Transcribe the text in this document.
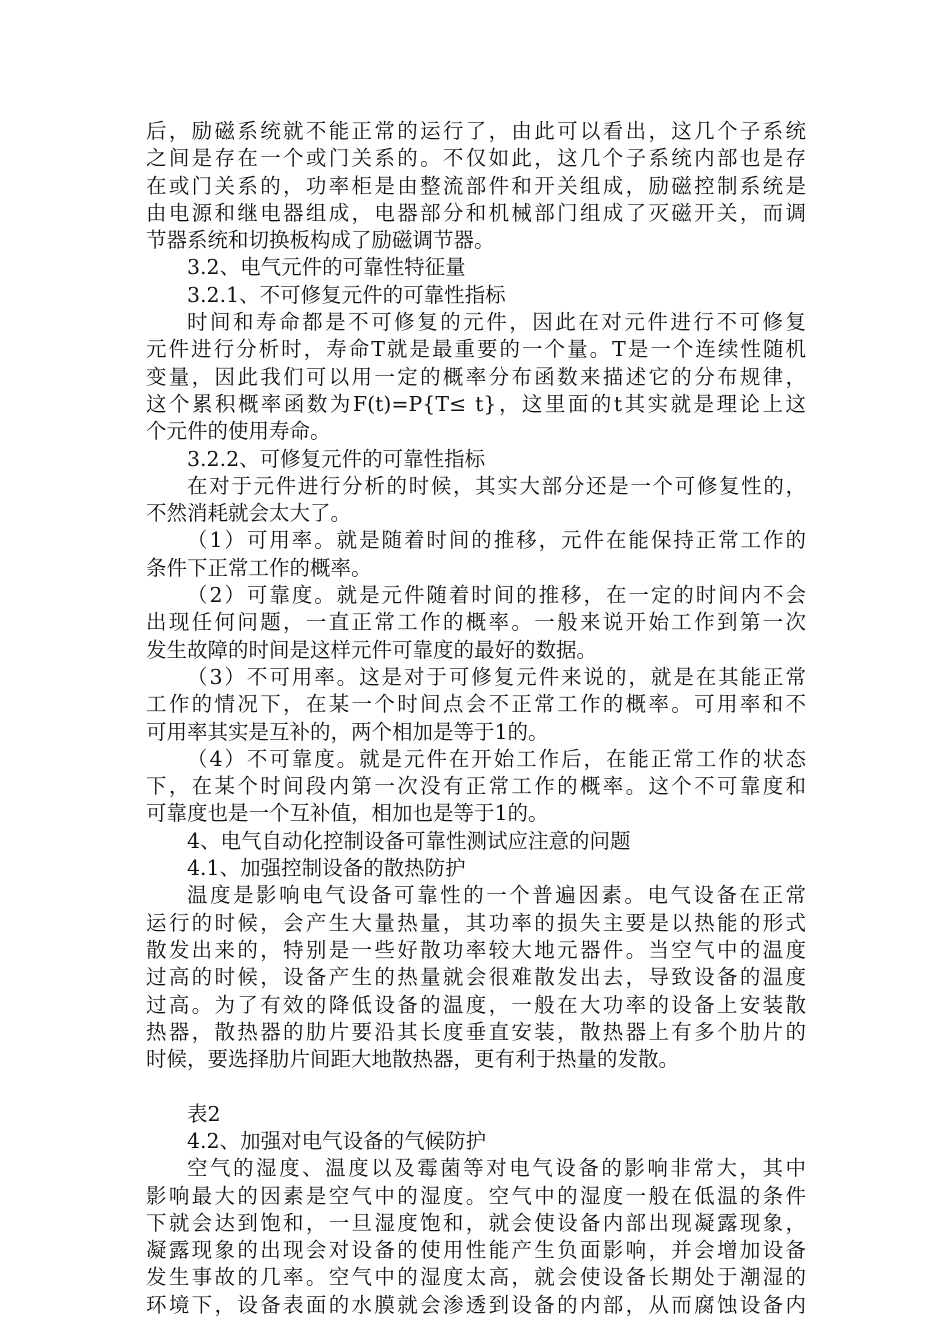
后，励磁系统就不能正常的运行了，由此可以看出，这几个子系统
之间是存在一个或门关系的。不仅如此，这几个子系统内部也是存
在或门关系的，功率柜是由整流部件和开关组成，励磁控制系统是
由电源和继电器组成，电器部分和机械部门组成了灭磁开关，而调
节器系统和切换板构成了励磁调节器。
3.2、电气元件的可靠性特征量
3.2.1、不可修复元件的可靠性指标
时间和寿命都是不可修复的元件，因此在对元件进行不可修复
元件进行分析时，寿命T就是最重要的一个量。T是一个连续性随机
变量，因此我们可以用一定的概率分布函数来描述它的分布规律，
这个累积概率函数为F(t)=P{T≤ t}，这里面的t其实就是理论上这
个元件的使用寿命。
3.2.2、可修复元件的可靠性指标
在对于元件进行分析的时候，其实大部分还是一个可修复性的，
不然消耗就会太大了。
（1）可用率。就是随着时间的推移，元件在能保持正常工作的
条件下正常工作的概率。
（2）可靠度。就是元件随着时间的推移，在一定的时间内不会
出现任何问题，一直正常工作的概率。一般来说开始工作到第一次
发生故障的时间是这样元件可靠度的最好的数据。
（3）不可用率。这是对于可修复元件来说的，就是在其能正常
工作的情况下，在某一个时间点会不正常工作的概率。可用率和不
可用率其实是互补的，两个相加是等于1的。
（4）不可靠度。就是元件在开始工作后，在能正常工作的状态
下，在某个时间段内第一次没有正常工作的概率。这个不可靠度和
可靠度也是一个互补值，相加也是等于1的。
4、电气自动化控制设备可靠性测试应注意的问题
4.1、加强控制设备的散热防护
温度是影响电气设备可靠性的一个普遍因素。电气设备在正常
运行的时候，会产生大量热量，其功率的损失主要是以热能的形式
散发出来的，特别是一些好散功率较大地元器件。当空气中的温度
过高的时候，设备产生的热量就会很难散发出去，导致设备的温度
过高。为了有效的降低设备的温度，一般在大功率的设备上安装散
热器，散热器的肋片要沿其长度垂直安装，散热器上有多个肋片的
时候，要选择肋片间距大地散热器，更有利于热量的发散。
表2
4.2、加强对电气设备的气候防护
空气的湿度、温度以及霉菌等对电气设备的影响非常大，其中
影响最大的因素是空气中的湿度。空气中的湿度一般在低温的条件
下就会达到饱和，一旦湿度饱和，就会使设备内部出现凝露现象，
凝露现象的出现会对设备的使用性能产生负面影响，并会增加设备
发生事故的几率。空气中的湿度太高，就会使设备长期处于潮湿的
环境下，设备表面的水膜就会渗透到设备的内部，从而腐蚀设备内
